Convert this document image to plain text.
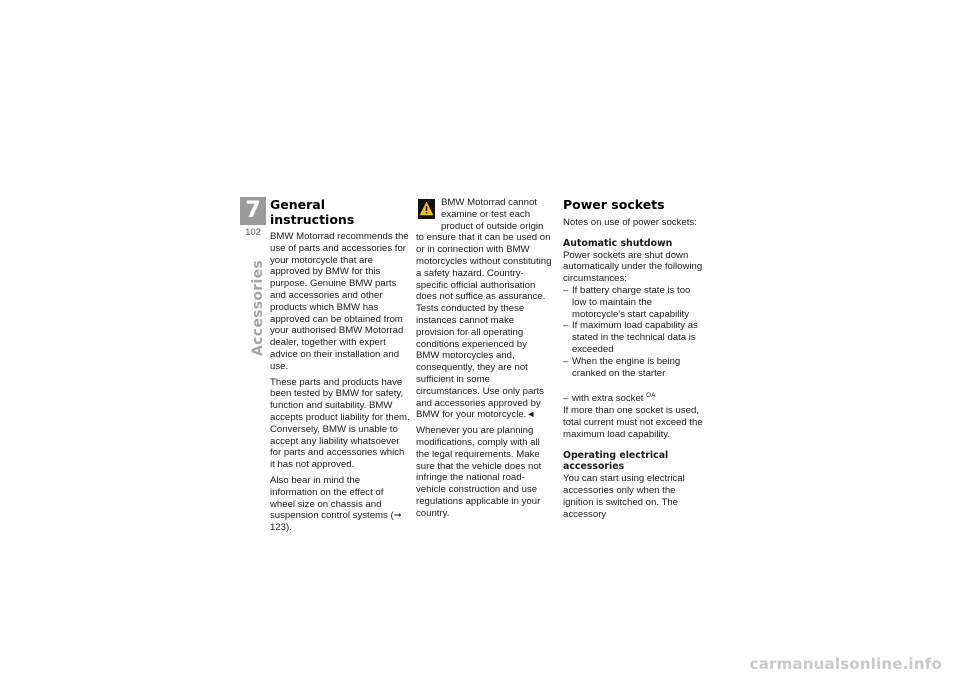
7
102
Accessories
General instructions

BMW Motorrad recommends the use of parts and accessories for your motorcycle that are approved by BMW for this purpose. Genuine BMW parts and accessories and other products which BMW has approved can be obtained from your authorised BMW Motorrad dealer, together with expert advice on their installation and use.

These parts and products have been tested by BMW for safety, function and suitability. BMW accepts product liability for them. Conversely, BMW is unable to accept any liability whatsoever for parts and accessories which it has not approved.

Also bear in mind the information on the effect of wheel size on chassis and suspension control systems (➞ 123).

BMW Motorrad cannot examine or test each product of outside origin to ensure that it can be used on or in connection with BMW motorcycles without constituting a safety hazard. Country-specific official authorisation does not suffice as assurance. Tests conducted by these instances cannot make provision for all operating conditions experienced by BMW motorcycles and, consequently, they are not sufficient in some circumstances. Use only parts and accessories approved by BMW for your motorcycle.◄

Whenever you are planning modifications, comply with all the legal requirements. Make sure that the vehicle does not infringe the national road-vehicle construction and use regulations applicable in your country.

Power sockets

Notes on use of power sockets:

Automatic shutdown

Power sockets are shut down automatically under the following circumstances:

– If battery charge state is too low to maintain the motorcycle's start capability
– If maximum load capability as stated in the technical data is exceeded
– When the engine is being cranked on the starter
– with extra socket $^{OA}$

If more than one socket is used, total current must not exceed the maximum load capability.

Operating electrical accessories

You can start using electrical accessories only when the ignition is switched on. The accessory

carmanualsonline.info
